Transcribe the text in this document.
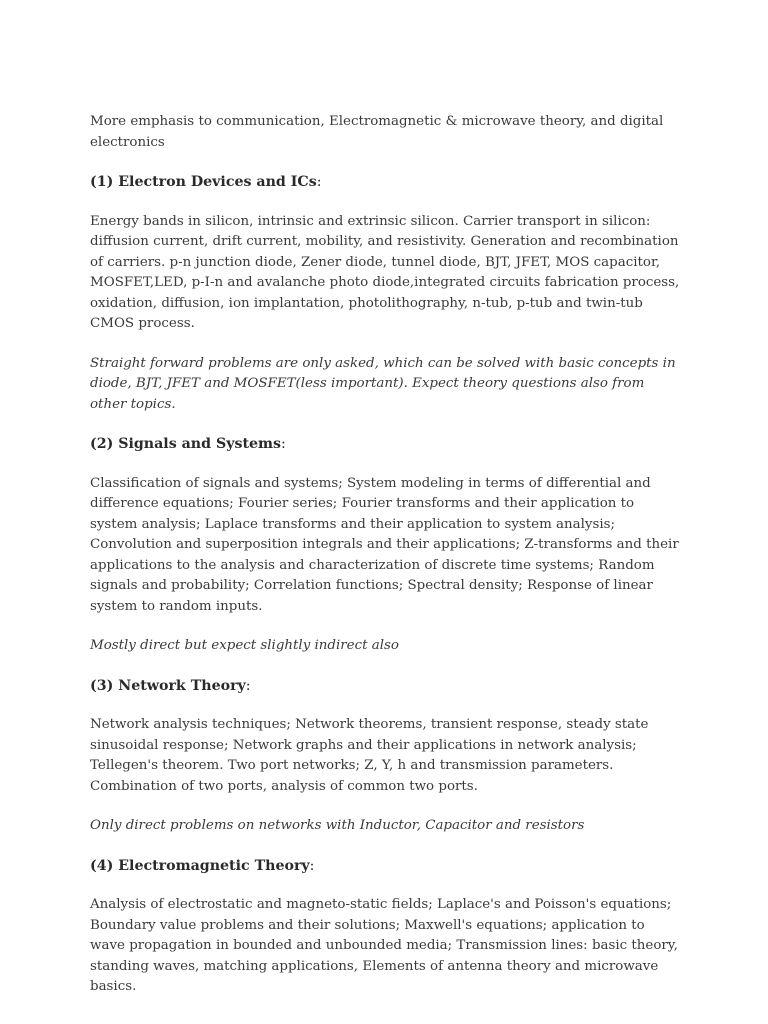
More emphasis to communication, Electromagnetic & microwave theory, and digital electronics

(1) Electron Devices and ICs:

Energy bands in silicon, intrinsic and extrinsic silicon. Carrier transport in silicon: diffusion current, drift current, mobility, and resistivity. Generation and recombination of carriers. p-n junction diode, Zener diode, tunnel diode, BJT, JFET, MOS capacitor, MOSFET,LED, p-I-n and avalanche photo diode,integrated circuits fabrication process, oxidation, diffusion, ion implantation, photolithography, n-tub, p-tub and twin-tub CMOS process.

Straight forward problems are only asked, which can be solved with basic concepts in diode, BJT, JFET and MOSFET(less important). Expect theory questions also from other topics.

(2) Signals and Systems:

Classification of signals and systems; System modeling in terms of differential and difference equations; Fourier series; Fourier transforms and their application to system analysis; Laplace transforms and their application to system analysis; Convolution and superposition integrals and their applications; Z-transforms and their applications to the analysis and characterization of discrete time systems; Random signals and probability; Correlation functions; Spectral density; Response of linear system to random inputs.

Mostly direct but expect slightly indirect also

(3) Network Theory:

Network analysis techniques; Network theorems, transient response, steady state sinusoidal response; Network graphs and their applications in network analysis; Tellegen's theorem. Two port networks; Z, Y, h and transmission parameters. Combination of two ports, analysis of common two ports.

Only direct problems on networks with Inductor, Capacitor and resistors

(4) Electromagnetic Theory:

Analysis of electrostatic and magneto-static fields; Laplace's and Poisson's equations; Boundary value problems and their solutions; Maxwell's equations; application to wave propagation in bounded and unbounded media; Transmission lines: basic theory, standing waves, matching applications, Elements of antenna theory and microwave basics.
